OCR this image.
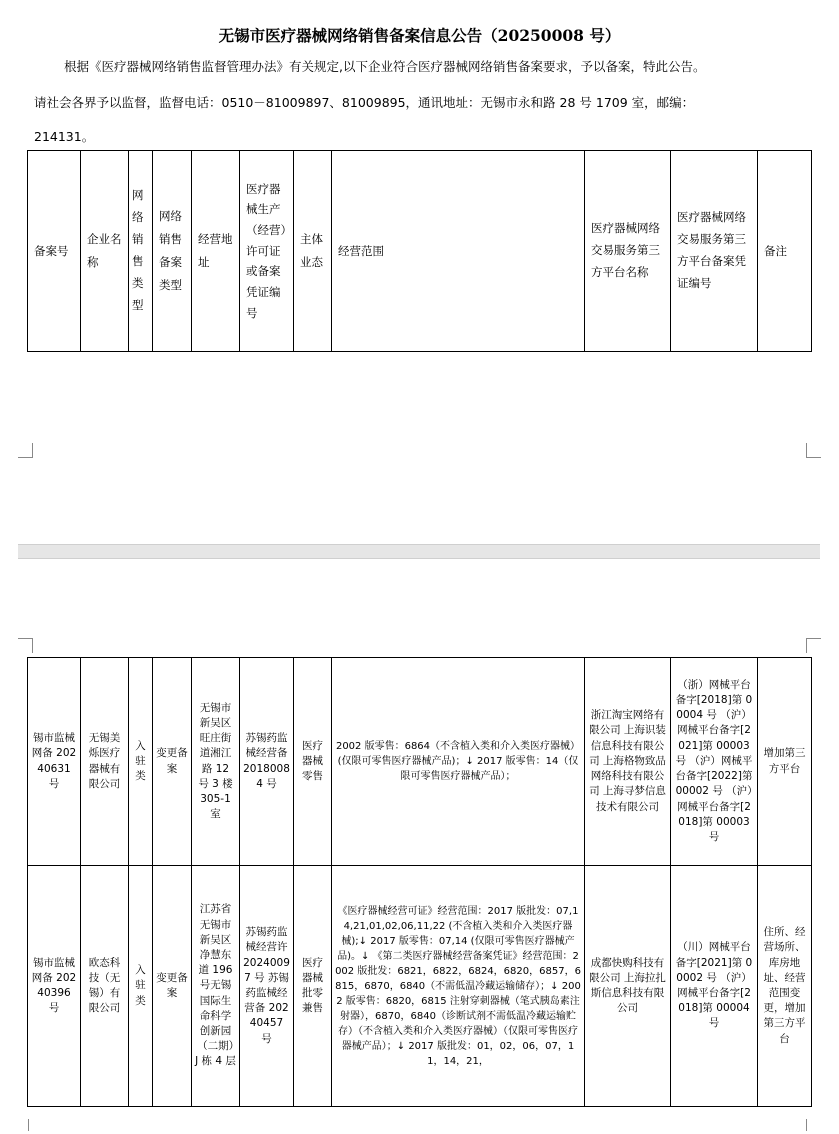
无锡市医疗器械网络销售备案信息公告（20250008 号）
根据《医疗器械网络销售监督管理办法》有关规定,以下企业符合医疗器械网络销售备案要求，予以备案，特此公告。
请社会各界予以监督，监督电话：0510－81009897、81009895，通讯地址：无锡市永和路 28 号 1709 室，邮编：
214131。
备案号	企业名称	网络销售类型	网络销售备案类型	经营地址	医疗器械生产（经营）许可证或备案凭证编号	主体业态	经营范围	医疗器械网络交易服务第三方平台名称	医疗器械网络交易服务第三方平台备案凭证编号	备注
锡市监械网备 20240631 号	无锡美烁医疗器械有限公司	入驻类	变更备案	无锡市新吴区旺庄街道湘江路 12 号 3 楼 305-1 室	苏锡药监械经营备 20180084 号	医疗器械零售	2002 版零售：6864（不含植入类和介入类医疗器械）(仅限可零售医疗器械产品)；↓ 2017 版零售：14（仅限可零售医疗器械产品）；	浙江淘宝网络有限公司 上海识装信息科技有限公司 上海格物致品网络科技有限公司 上海寻梦信息技术有限公司	（浙）网械平台备字[2018]第 00004 号 （沪）网械平台备字[2021]第 00003 号 （沪）网械平台备字[2022]第 00002 号 （沪）网械平台备字[2018]第 00003 号	增加第三方平台
锡市监械网备 20240396 号	欧态科技（无锡）有限公司	入驻类	变更备案	江苏省无锡市新吴区净慧东道 196 号无锡国际生命科学创新园（二期）J 栋 4 层	苏锡药监械经营许 20240097 号 苏锡药监械经营备 20240457 号	医疗器械批零兼售	《医疗器械经营可证》经营范围：2017 版批发：07,14,21,01,02,06,11,22 (不含植入类和介入类医疗器械);↓ 2017 版零售：07,14 (仅限可零售医疗器械产品)。↓ 《第二类医疗器械经营备案凭证》经营范围：2002 版批发：6821，6822，6824，6820，6857，6815，6870，6840（不需低温冷藏运输储存）；↓ 2002 版零售：6820，6815 注射穿刺器械（笔式胰岛素注射器），6870，6840（诊断试剂不需低温冷藏运输贮存）（不含植入类和介入类医疗器械）（仅限可零售医疗器械产品）；↓ 2017 版批发：01，02，06，07，11，14，21，	成都快购科技有限公司 上海拉扎斯信息科技有限公司	（川）网械平台备字[2021]第 00002 号 （沪）网械平台备字[2018]第 00004 号	住所、经营场所、库房地址、经营范围变更，增加第三方平台
